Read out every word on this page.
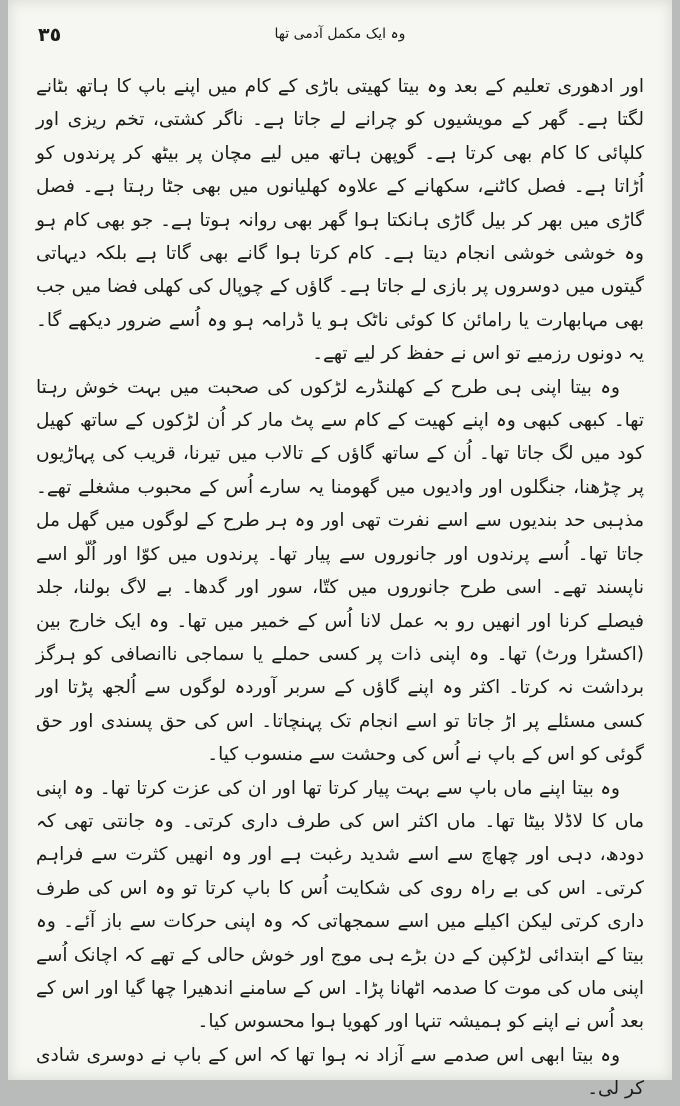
٣٥	وہ ایک مکمل آدمی تھا

اور ادھوری تعلیم کے بعد وہ بیتا کھیتی باڑی کے کام میں اپنے باپ کا ہاتھ بٹانے لگتا ہے۔ گھر کے مویشیوں کو چرانے لے جاتا ہے۔ ناگر کشتی، تخم ریزی اور کلپائی کا کام بھی کرتا ہے۔ گوپھن ہاتھ میں لیے مچان پر بیٹھ کر پرندوں کو اُڑاتا ہے۔ فصل کاٹنے، سکھانے کے علاوہ کھلیانوں میں بھی جٹا رہتا ہے۔ فصل گاڑی میں بھر کر بیل گاڑی ہانکتا ہوا گھر بھی روانہ ہوتا ہے۔ جو بھی کام ہو وہ خوشی خوشی انجام دیتا ہے۔ کام کرتا ہوا گانے بھی گاتا ہے بلکہ دیہاتی گیتوں میں دوسروں پر بازی لے جاتا ہے۔ گاؤں کے چوپال کی کھلی فضا میں جب بھی مہابھارت یا رامائن کا کوئی ناٹک ہو یا ڈرامہ ہو وہ اُسے ضرور دیکھے گا۔ یہ دونوں رزمیے تو اس نے حفظ کر لیے تھے۔

وہ بیتا اپنی ہی طرح کے کھلنڈرے لڑکوں کی صحبت میں بہت خوش رہتا تھا۔ کبھی کبھی وہ اپنے کھیت کے کام سے پٹ مار کر اُن لڑکوں کے ساتھ کھیل کود میں لگ جاتا تھا۔ اُن کے ساتھ گاؤں کے تالاب میں تیرنا، قریب کی پہاڑیوں پر چڑھنا، جنگلوں اور وادیوں میں گھومنا یہ سارے اُس کے محبوب مشغلے تھے۔ مذہبی حد بندیوں سے اسے نفرت تھی اور وہ ہر طرح کے لوگوں میں گھل مل جاتا تھا۔ اُسے پرندوں اور جانوروں سے پیار تھا۔ پرندوں میں کوّا اور اُلّو اسے ناپسند تھے۔ اسی طرح جانوروں میں کتّا، سور اور گدھا۔ بے لاگ بولنا، جلد فیصلے کرنا اور انھیں رو بہ عمل لانا اُس کے خمیر میں تھا۔ وہ ایک خارج بین (اکسٹرا ورٹ) تھا۔ وہ اپنی ذات پر کسی حملے یا سماجی ناانصافی کو ہرگز برداشت نہ کرتا۔ اکثر وہ اپنے گاؤں کے سربر آوردہ لوگوں سے اُلجھ پڑتا اور کسی مسئلے پر اڑ جاتا تو اسے انجام تک پہنچاتا۔ اس کی حق پسندی اور حق گوئی کو اس کے باپ نے اُس کی وحشت سے منسوب کیا۔

وہ بیتا اپنے ماں باپ سے بہت پیار کرتا تھا اور ان کی عزت کرتا تھا۔ وہ اپنی ماں کا لاڈلا بیٹا تھا۔ ماں اکثر اس کی طرف داری کرتی۔ وہ جانتی تھی کہ دودھ، دہی اور چھاچ سے اسے شدید رغبت ہے اور وہ انھیں کثرت سے فراہم کرتی۔ اس کی بے راہ روی کی شکایت اُس کا باپ کرتا تو وہ اس کی طرف داری کرتی لیکن اکیلے میں اسے سمجھاتی کہ وہ اپنی حرکات سے باز آئے۔ وہ بیتا کے ابتدائی لڑکپن کے دن بڑے ہی موج اور خوش حالی کے تھے کہ اچانک اُسے اپنی ماں کی موت کا صدمہ اٹھانا پڑا۔ اس کے سامنے اندھیرا چھا گیا اور اس کے بعد اُس نے اپنے کو ہمیشہ تنہا اور کھویا ہوا محسوس کیا۔

وہ بیتا ابھی اس صدمے سے آزاد نہ ہوا تھا کہ اس کے باپ نے دوسری شادی کر لی۔
